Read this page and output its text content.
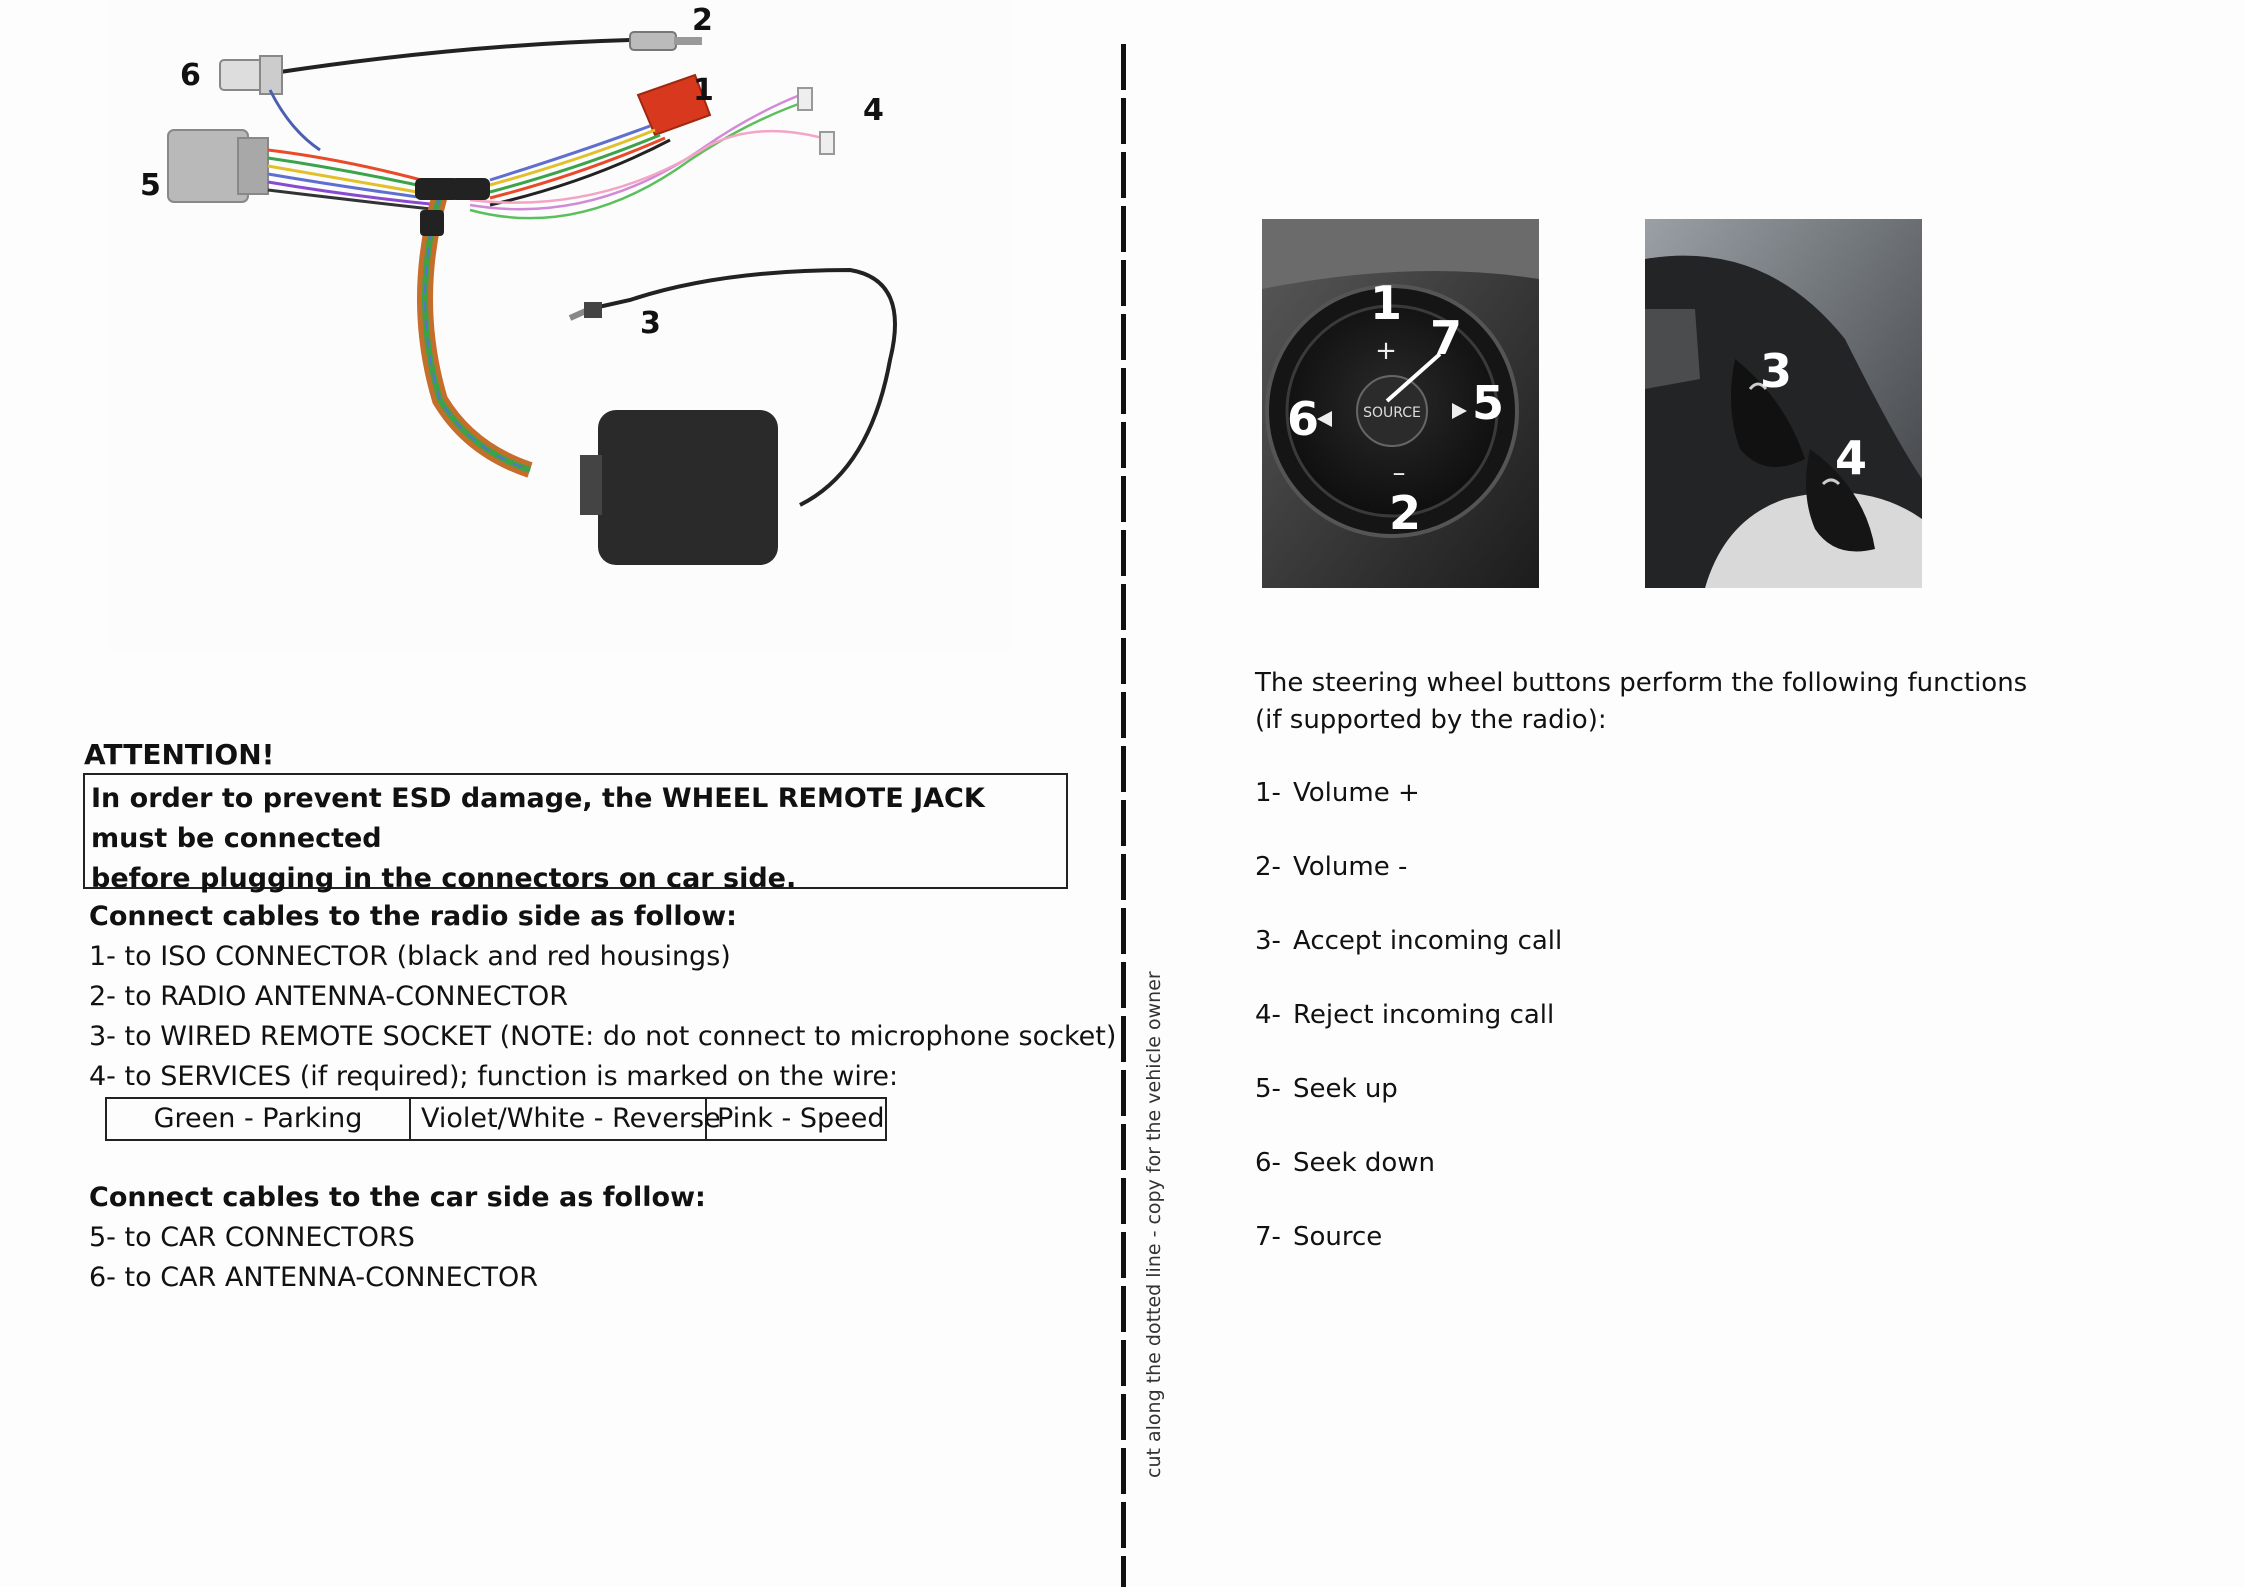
1
2
3
4
5
6
ATTENTION!
In order to prevent ESD damage, the WHEEL REMOTE JACK must be connected
before plugging in the connectors on car side.
Connect cables to the radio side as follow:
1- to ISO CONNECTOR (black and red housings)
2- to RADIO ANTENNA-CONNECTOR
3- to WIRED REMOTE SOCKET (NOTE: do not connect to microphone socket)
4- to SERVICES (if required); function is marked on the wire:
Green - Parking	Violet/White - Reverse
Pink - Speed
Connect cables to the car side as follow:
5- to CAR CONNECTORS
6- to CAR ANTENNA-CONNECTOR	cut along the dotted line - copy for the vehicle owner
SOURCE
+
–
1
2
5
6
7
3
4
The steering wheel buttons perform the following functions
(if supported by the radio):
1- Volume +
2- Volume -
3- Accept incoming call
4- Reject incoming call
5- Seek up
6- Seek down
7- Source
